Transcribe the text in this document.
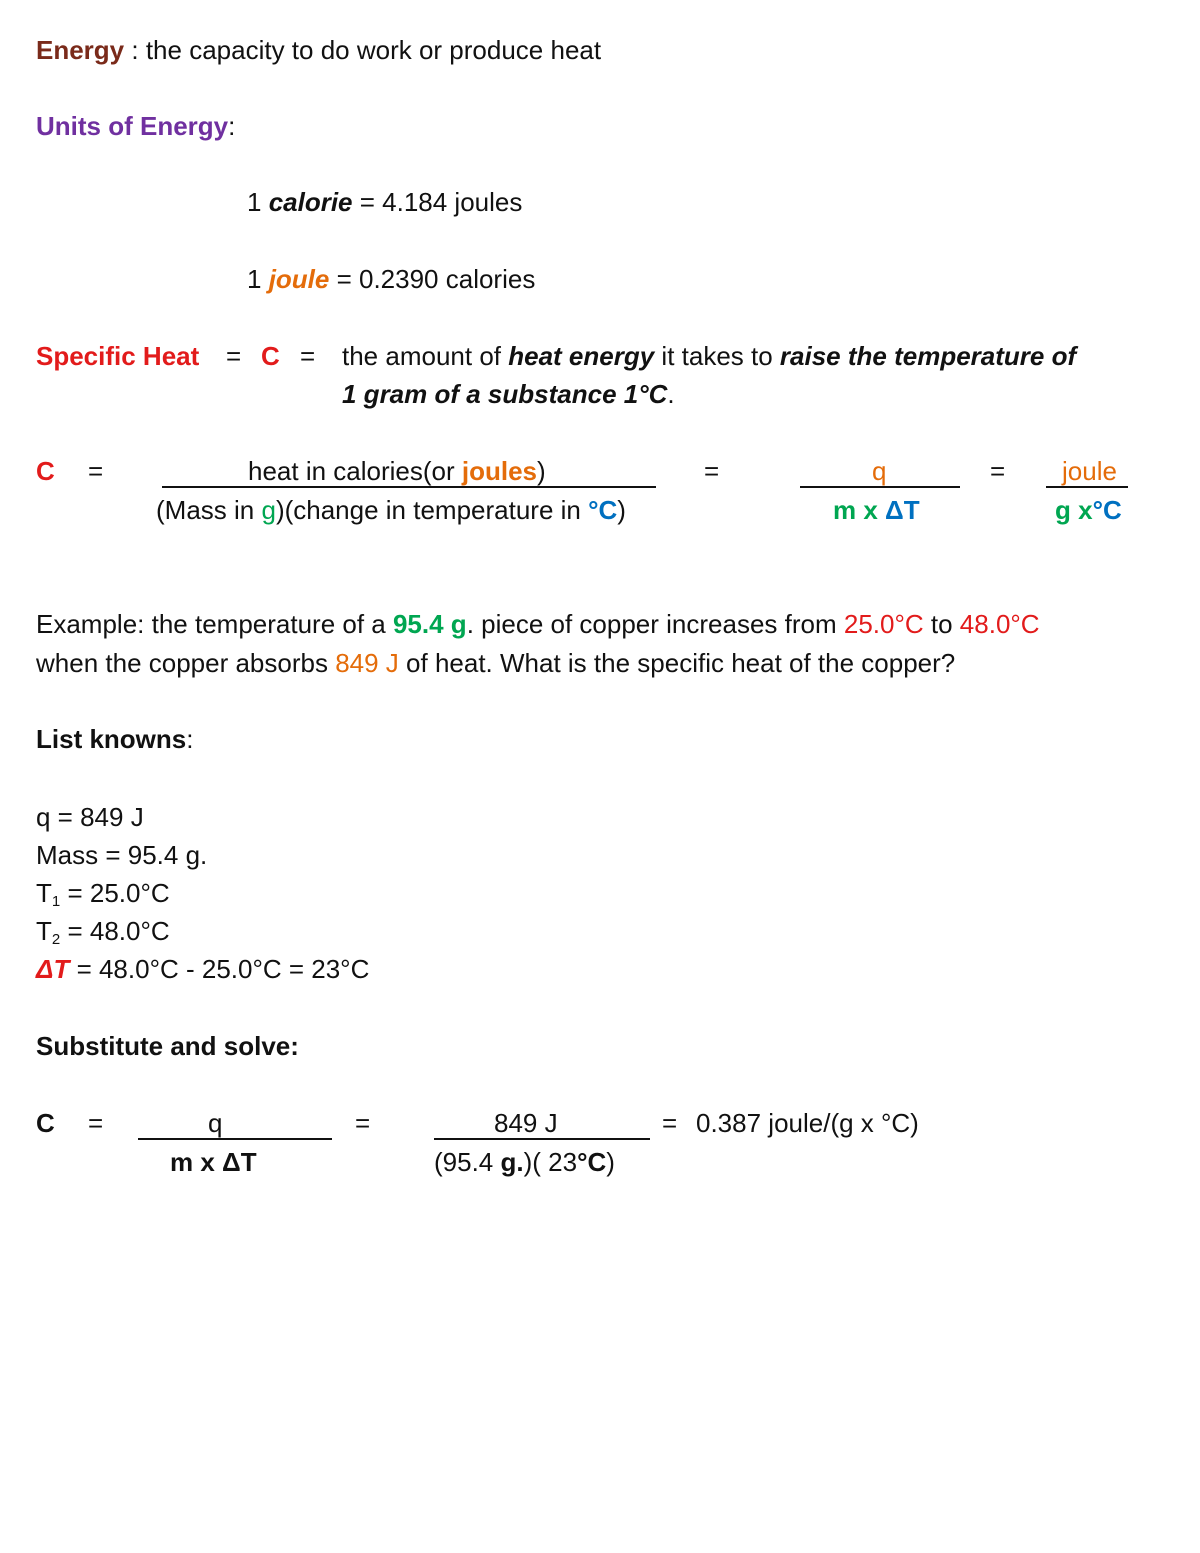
Energy : the capacity to do work or produce heat
Units of Energy:
1 calorie = 4.184 joules
1 joule = 0.2390 calories
Specific Heat = C = the amount of heat energy it takes to raise the temperature of
1 gram of a substance 1°C.
C =	heat in calories(or joules)
(Mass in g)(change in temperature in °C)
=	q
m x ΔT
= joule
g x°C
Example: the temperature of a 95.4 g. piece of copper increases from 25.0°C to 48.0°C
when the copper absorbs 849 J of heat. What is the specific heat of the copper?
List knowns:
q = 849 J
Mass = 95.4 g.
$T_1 = 25.0^\circ C$
$T_2 = 48.0^\circ C$
ΔT = 48.0°C - 25.0°C = 23°C
Substitute and solve:
C =	q
m x ΔT
=	849 J
(95.4 g.)( 23°C)
= 0.387 joule/(g x °C)
